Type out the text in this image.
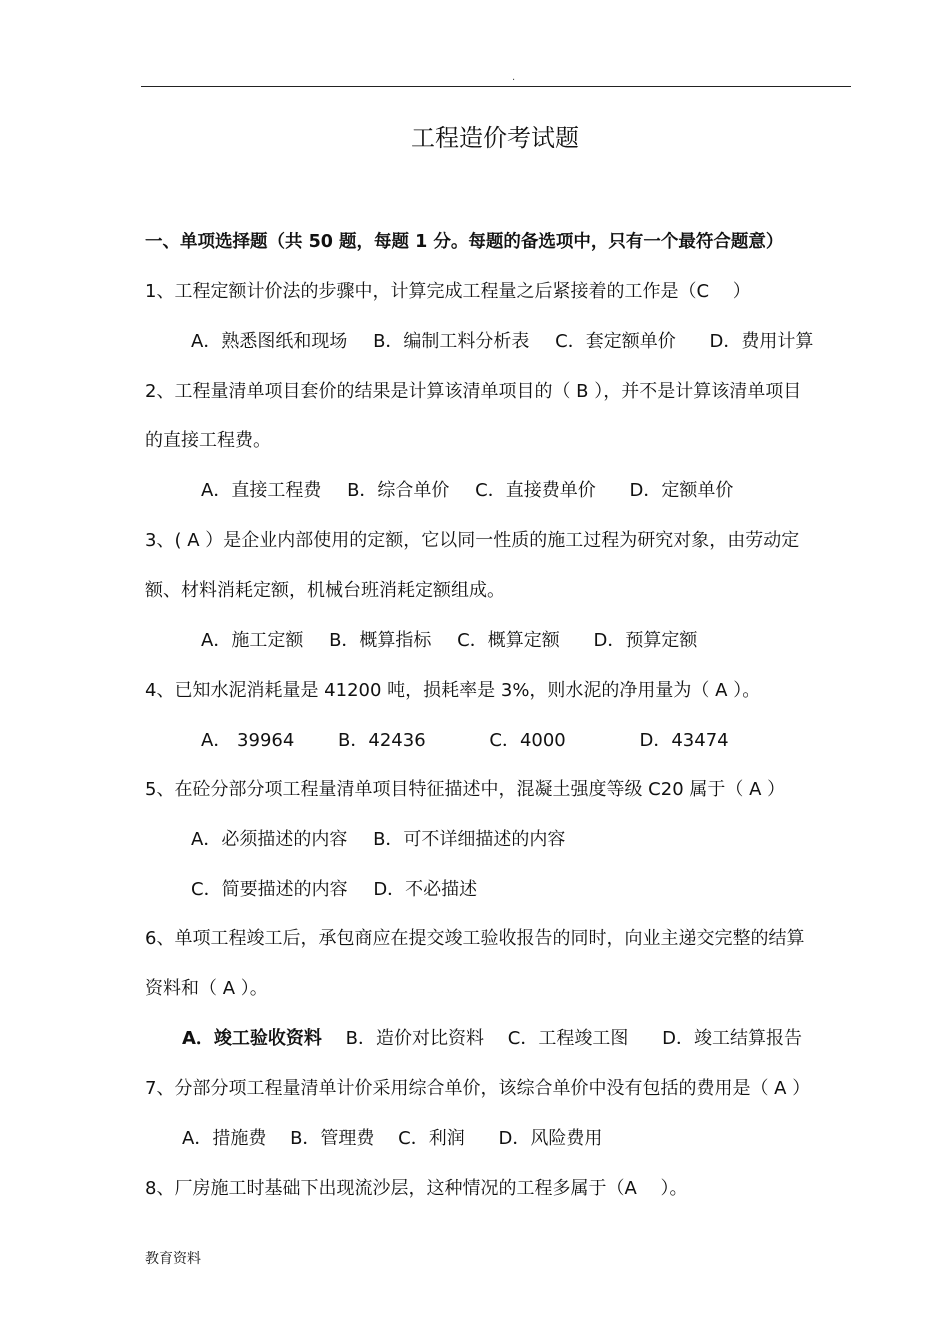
.
工程造价考试题
一、单项选择题（共 50 题，每题 1 分。每题的备选项中，只有一个最符合题意）
1、工程定额计价法的步骤中，计算完成工程量之后紧接着的工作是（C　 ）
A．熟悉图纸和现场 B．编制工料分析表 C．套定额单价 D．费用计算
2、工程量清单项目套价的结果是计算该清单项目的（ B ），并不是计算该清单项目
的直接工程费。
A．直接工程费 B．综合单价 C．直接费单价 D．定额单价
3、( A ）是企业内部使用的定额，它以同一性质的施工过程为研究对象，由劳动定
额、材料消耗定额，机械台班消耗定额组成。
A．施工定额 B．概算指标 C．概算定额 D．预算定额
4、已知水泥消耗量是 41200 吨，损耗率是 3%，则水泥的净用量为（ A ）。
A． 39964 B．42436	C．4000	D．43474
5、在砼分部分项工程量清单项目特征描述中，混凝土强度等级 C20 属于（ A ）
A．必须描述的内容 B．可不详细描述的内容
C．简要描述的内容 D．不必描述
6、单项工程竣工后，承包商应在提交竣工验收报告的同时，向业主递交完整的结算
资料和（ A ）。
A．竣工验收资料 B．造价对比资料 C．工程竣工图 D．竣工结算报告
7、分部分项工程量清单计价采用综合单价，该综合单价中没有包括的费用是（ A ）
A．措施费 B．管理费 C．利润 D．风险费用
8、厂房施工时基础下出现流沙层，这种情况的工程多属于（A　 ）。
教育资料
